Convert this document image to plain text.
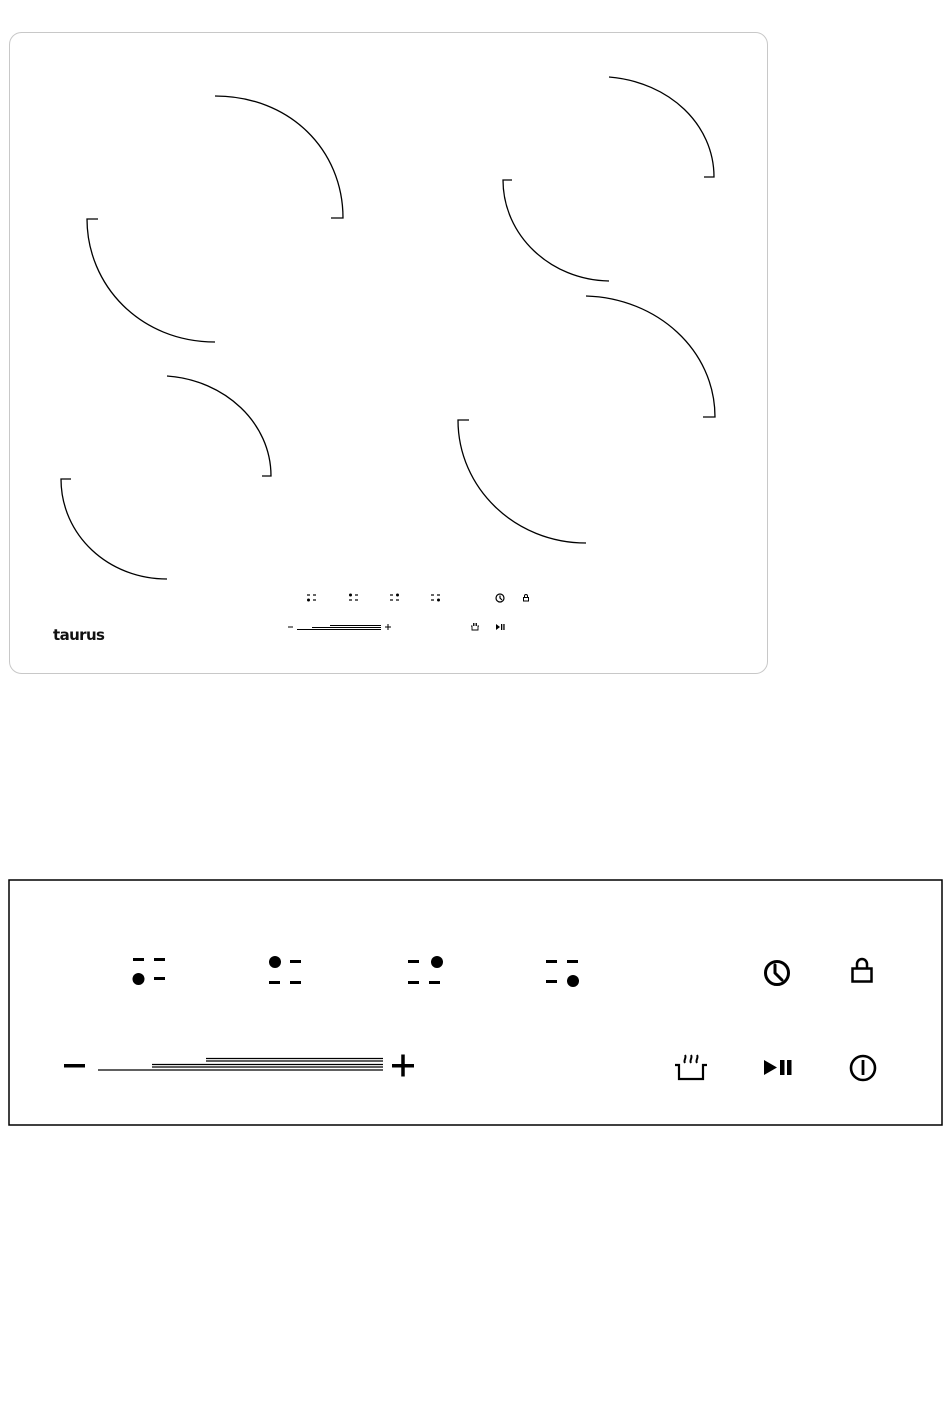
taurus
